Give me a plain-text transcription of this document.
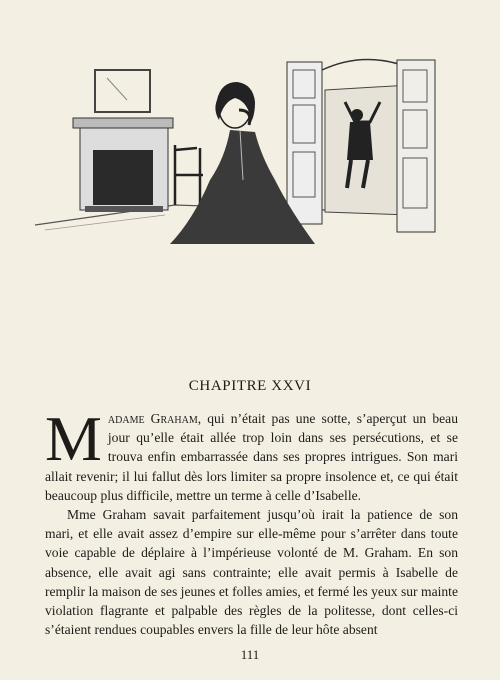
CHAPITRE XXVI

Madame Graham, qui n’était pas une sotte, s’aperçut un beau jour qu’elle était allée trop loin dans ses persécutions, et se trouva enfin embarrassée dans ses propres intrigues. Son mari allait revenir; il lui fallut dès lors limiter sa propre insolence et, ce qui était beaucoup plus difficile, mettre un terme à celle d’Isabelle.

Mme Graham savait parfaitement jusqu’où irait la patience de son mari, et elle avait assez d’empire sur elle-même pour s’arrêter dans toute voie capable de déplaire à l’impérieuse volonté de M. Graham. En son absence, elle avait agi sans contrainte; elle avait permis à Isabelle de remplir la maison de ses jeunes et folles amies, et fermé les yeux sur mainte violation flagrante et palpable des règles de la politesse, dont celles-ci s’étaient rendues coupables envers la fille de leur hôte absent

111
